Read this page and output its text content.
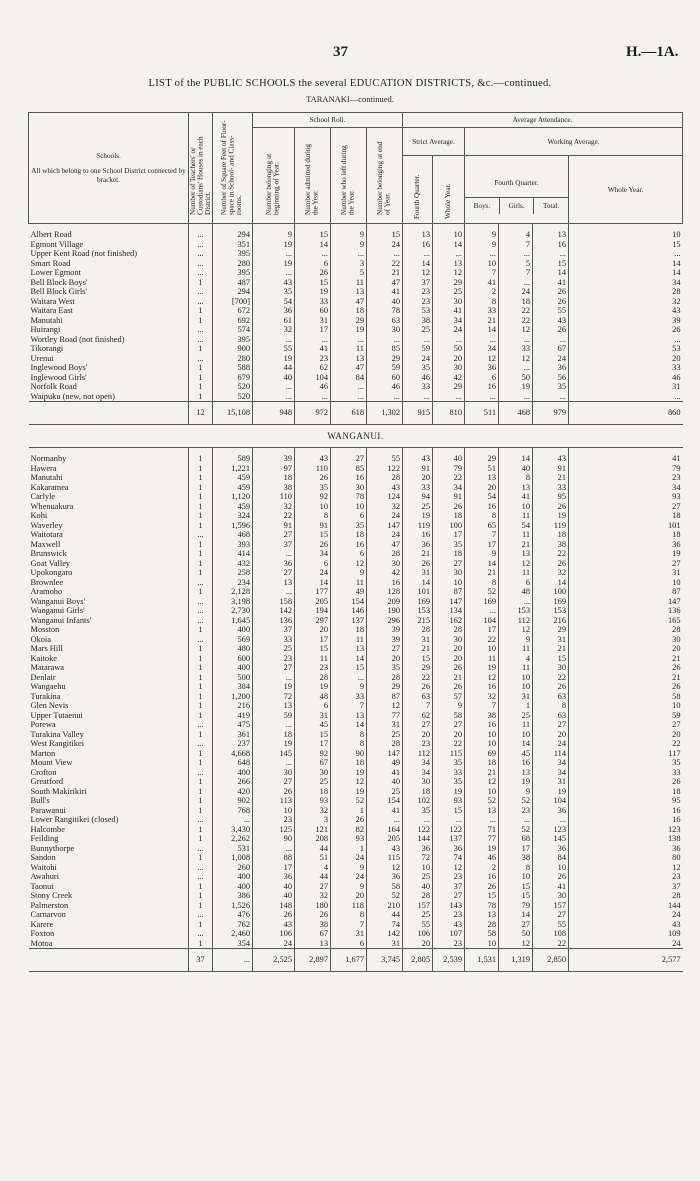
37	H.—1A.
LIST of the PUBLIC SCHOOLS the several EDUCATION DISTRICTS, &c.—continued.
TARANAKI—continued.
Schools.
All which belong to one School District connected by bracket.	Number of Teachers' or Custodians' Houses in each District.	Number of Square Feet of Floor-space in School- and Class-rooms.	School Roll.				Average Attendance.					
			Number belonging at beginning of Year.	Number admitted during the Year.	Number who left during the Year.	Number belonging at end of Year.	Strict Average.		Working Average.			
							Fourth Quarter.	Whole Year.	Fourth Quarter.
Boys. Girls. Total.			Whole Year.

Albert Road	...	294	9	15	9	15	13	10	9	4	13	10
Egmont Village	...	351	19	14	9	24	16	14	9	7	16	15
Upper Kent Road (not finished)	...	395	...	...	...	...	...	...	...	...	...	...
Smart Road	...	280	19	6	3	22	14	13	10	5	15	14
Lower Egmont	...	395	...	26	5	21	12	12	7	7	14	14
Bell Block Boys'	1	487	43	15	11	47	37	29	41	...	41	34
Bell Block Girls'	...	294	35	19	13	41	23	25	2	24	26	28
Waitara West	...	[700]	54	33	47	40	23	30	8	18	26	32
Waitara East	1	672	36	60	18	78	53	41	33	22	55	43
Manutahi	1	692	61	31	29	63	38	34	21	22	43	39
Huirangi	...	574	32	17	19	30	25	24	14	12	26	26
Wortley Road (not finished)	...	395	...	...	...	...	...	...	...	...	...	...
Tikorangi	1	900	55	41	11	85	59	50	34	33	67	53
Urenui	...	280	19	23	13	29	24	20	12	12	24	20
Inglewood Boys'	1	588	44	62	47	59	35	30	36	...	36	33
Inglewood Girls'	1	679	40	104	84	60	46	42	6	50	56	46
Norfolk Road	1	520	...	46	...	46	33	29	16	19	35	31
Waipuku (new, not open)	1	520	...	...	...	...	...	...	...	...	...	...
	12	15,108	948	972	618	1,302	915	810	511	468	979	860
WANGANUI.												

Normanby	1	589	39	43	27	55	43	40	29	14	43	41
Hawera	1	1,221	97	110	85	122	91	79	51	40	91	79
Manutahi	1	459	18	26	16	28	20	22	13	8	21	23
Kakaramea	1	459	38	35	30	43	33	34	20	13	33	34
Carlyle	1	1,120	110	92	78	124	94	91	54	41	95	93
Whenuakura	1	459	32	10	10	32	25	26	16	10	26	27
Kohi	1	324	22	8	6	24	19	18	8	11	19	18
Waverley	1	1,596	91	91	35	147	119	100	65	54	119	101
Waitotara	...	468	27	15	18	24	16	17	7	11	18	18
Maxwell	1	393	37	26	16	47	36	35	17	21	38	36
Brunswick	1	414	...	34	6	28	21	18	9	13	22	19
Goat Valley	1	432	36	6	12	30	26	27	14	12	26	27
Upokongaro	1	258	27	24	9	42	31	30	21	11	32	31
Brownlee	...	234	13	14	11	16	14	10	8	6	14	10
Aramoho	1	2,128	...	177	49	128	101	87	52	48	100	87
Wanganui Boys'	...	3,198	158	205	154	209	169	147	169	...	169	147
Wanganui Girls'	...	2,730	142	194	146	190	153	134	...	153	153	136
Wanganui Infants'	...	1,645	136	297	137	296	215	162	104	112	216	165
Mosston	1	400	37	20	18	39	28	28	17	12	29	28
Okoia	...	569	33	17	11	39	31	30	22	9	31	30
Mars Hill	1	480	25	15	13	27	21	20	10	11	21	20
Kaitoke	1	600	23	11	14	20	15	20	11	4	15	21
Matarawa	1	400	27	23	15	35	29	26	19	11	30	26
Denlair	1	500	...	28	...	28	22	21	12	10	22	21
Wangaehu	1	384	19	19	9	29	26	26	16	10	26	26
Turakina	1	1,200	72	48	33	87	63	57	32	31	63	58
Glen Nevis	1	216	13	6	7	12	7	9	7	1	8	10
Upper Tutaenui	1	419	59	31	13	77	62	58	38	25	63	59
Porewa	...	475	...	45	14	31	27	27	16	11	27	27
Turakina Valley	1	361	18	15	8	25	20	20	10	10	20	20
West Rangitikei	...	237	19	17	8	28	23	22	10	14	24	22
Marton	1	4,668	145	92	90	147	112	115	69	45	114	117
Mount View	1	648	...	67	18	49	34	35	18	16	34	35
Crofton	...	400	30	30	19	41	34	33	21	13	34	33
Greatford	1	266	27	25	12	40	30	35	12	19	31	26
South Makirikiri	1	420	26	18	19	25	18	19	10	9	19	18
Bull's	1	902	113	93	52	154	102	93	52	52	104	95
Parawanui	1	768	10	32	1	41	35	15	13	23	36	16
Lower Rangitikei (closed)	...	...	23	3	26	...	...	...	...	...	...	16
Halcombe	1	3,430	125	121	82	164	122	122	71	52	123	123
Feilding	1	2,262	90	208	93	205	144	137	77	68	145	138
Bunnythorpe	...	531	...	44	1	43	36	36	19	17	36	36
Sandon	1	1,008	88	51	24	115	72	74	46	38	84	80
Waitohi	...	260	17	4	9	12	10	12	2	8	10	12
Awahuri	...	400	36	44	24	36	25	23	16	10	26	23
Taonui	1	400	40	27	9	58	40	37	26	15	41	37
Stony Creek	1	386	40	32	20	52	28	27	15	15	30	28
Palmerston	1	1,526	148	180	118	210	157	143	78	79	157	144
Carnarvon	...	476	26	26	8	44	25	23	13	14	27	24
Karere	1	762	43	38	7	74	55	43	28	27	55	43
Foxton	...	2,460	106	67	31	142	106	107	58	50	108	109
Motoa	1	354	24	13	6	31	20	23	10	12	22	24
	37	...	2,525	2,897	1,677	3,745	2,805	2,539	1,531	1,319	2,850	2,577
